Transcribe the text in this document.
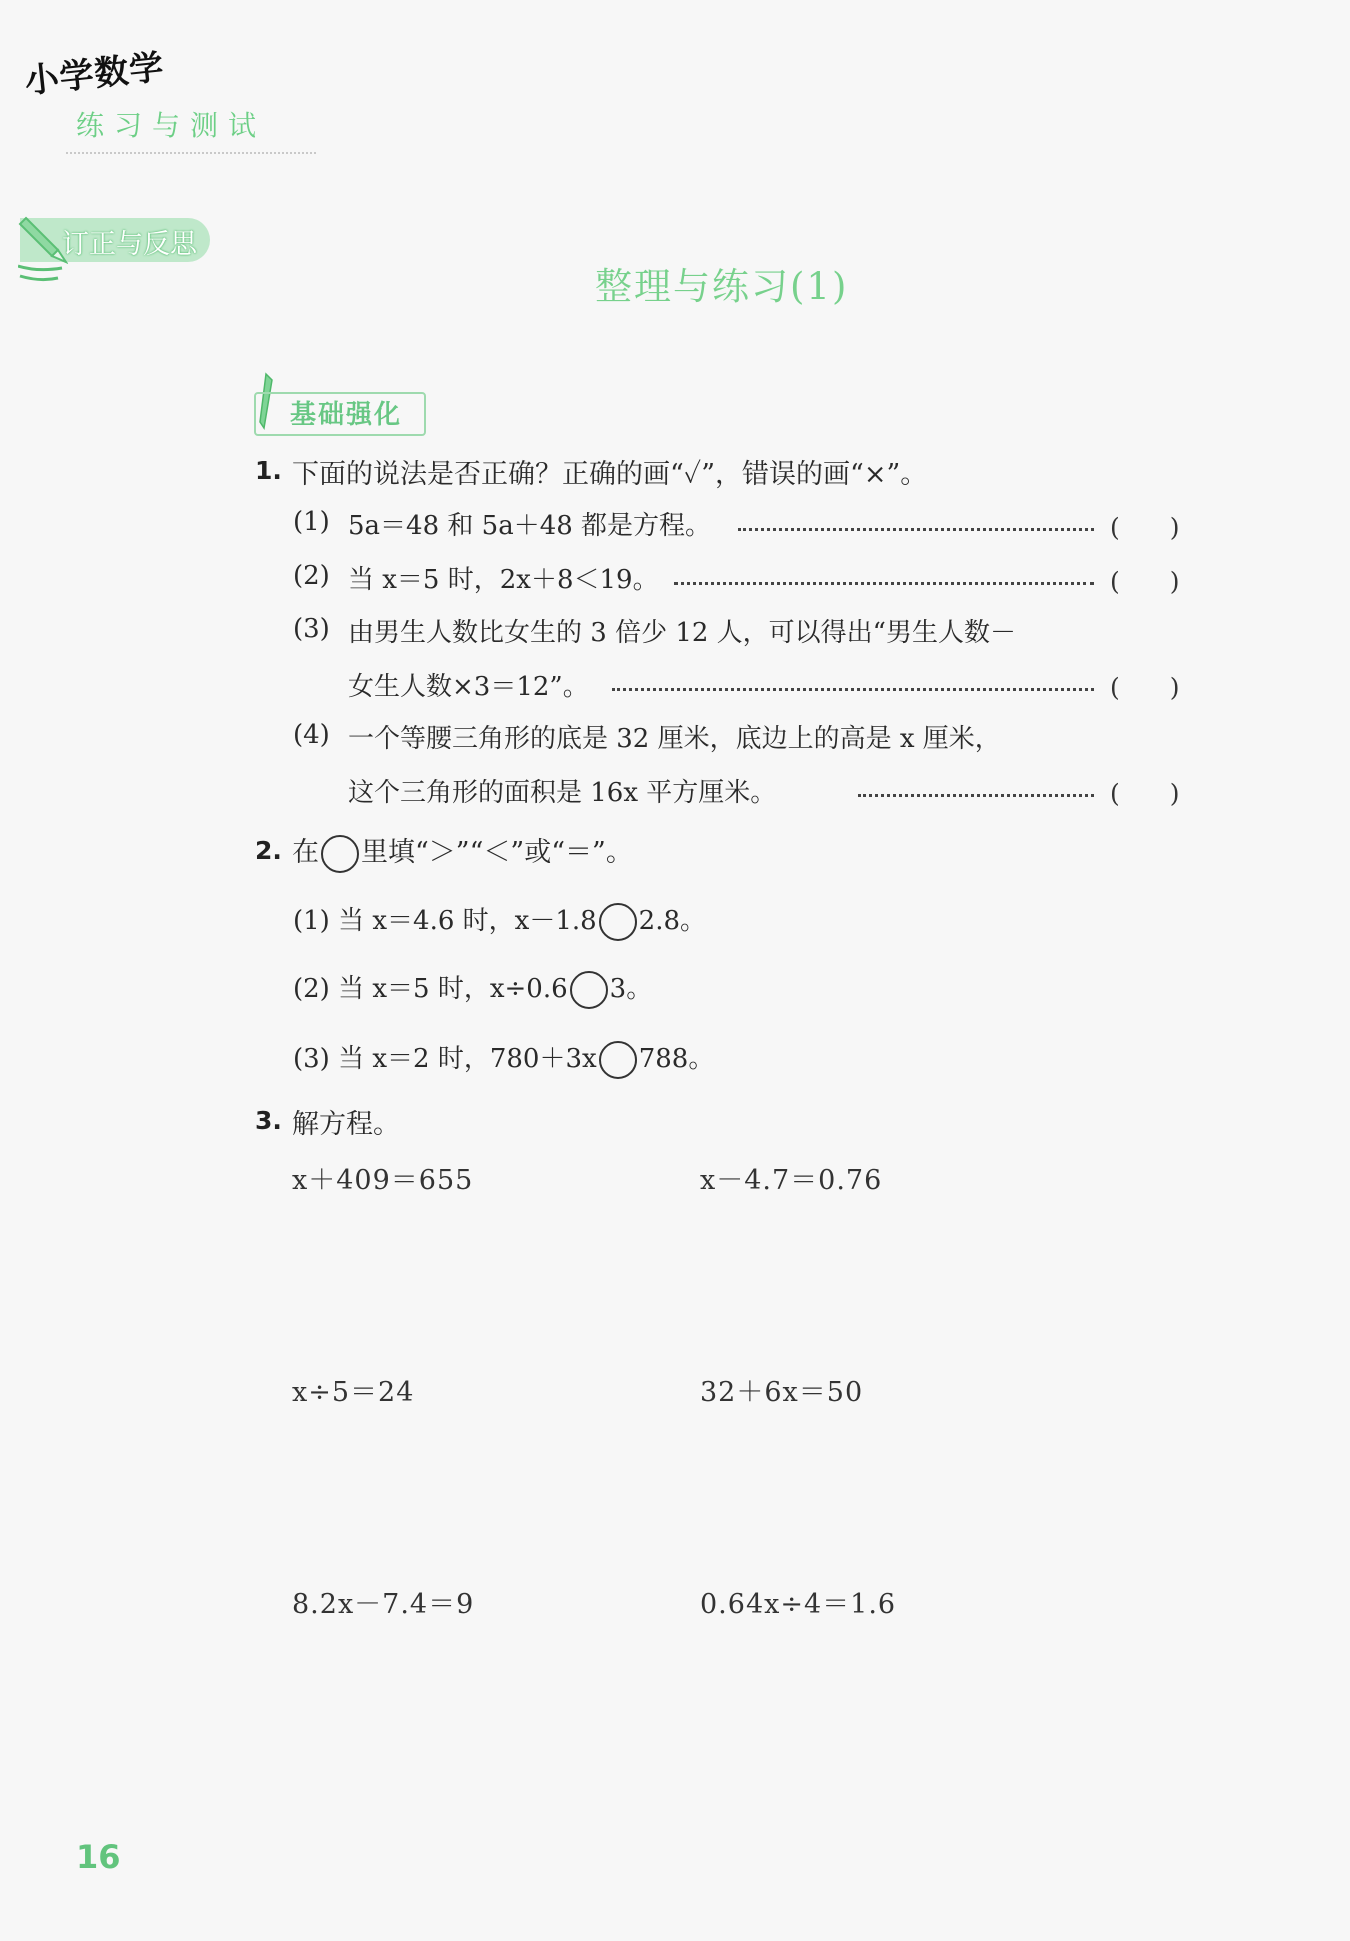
小学数学
练习与测试
订正与反思
整理与练习(1)
基础强化
1. 下面的说法是否正确？正确的画“✓”，错误的画“×”。
(1) 5a＝48 和 5a＋48 都是方程。	(　　)
(2) 当 x＝5 时，2x＋8＜19。	(　　)
(3) 由男生人数比女生的 3 倍少 12 人，可以得出“男生人数－
女生人数×3＝12”。	(　　)
(4) 一个等腰三角形的底是 32 厘米，底边上的高是 x 厘米，
这个三角形的面积是 16x 平方厘米。	(　　)
2. 在 里填“＞”“＜”或“＝”。
(1) 当 x＝4.6 时，x－1.8 2.8。
(2) 当 x＝5 时，x÷0.6 3。
(3) 当 x＝2 时，780＋3x 788。
3. 解方程。
x＋409＝655	x－4.7＝0.76
x÷5＝24	32＋6x＝50
8.2x－7.4＝9	0.64x÷4＝1.6
16
